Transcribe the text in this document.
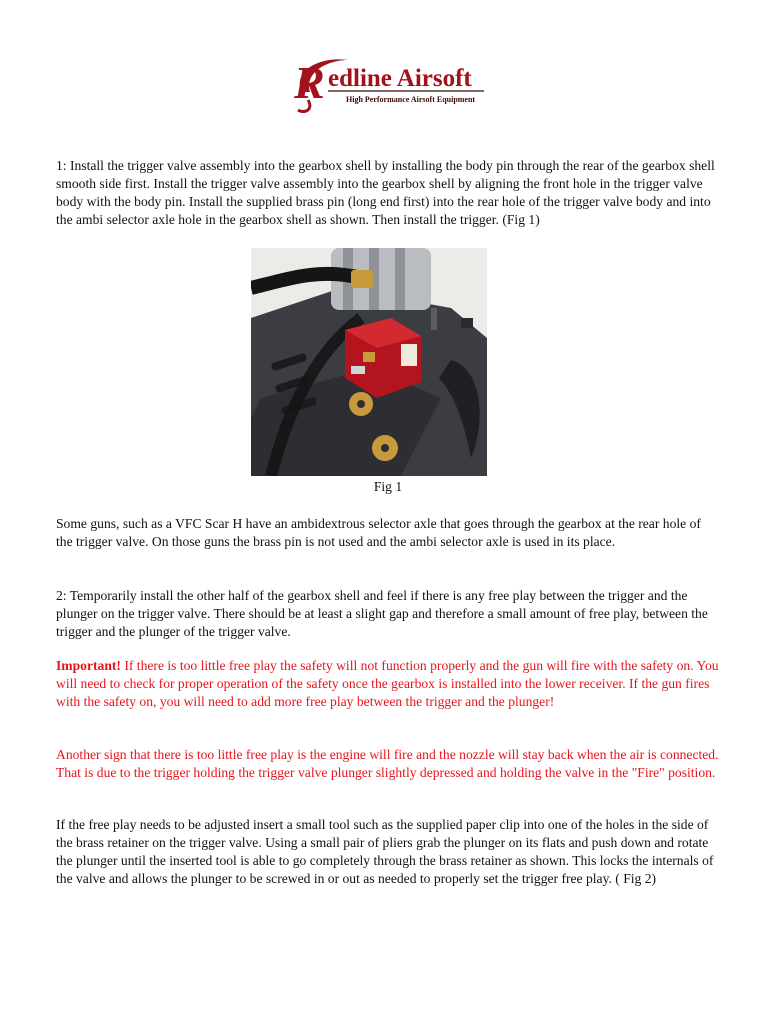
R edline Airsoft
High Performance Airsoft Equipment

1: Install the trigger valve assembly into the gearbox shell by installing the body pin through the rear of the gearbox shell smooth side first. Install the trigger valve assembly into the gearbox shell by aligning the front hole in the trigger valve body with the body pin. Install the supplied brass pin (long end first) into the rear hole of the trigger valve body and into the ambi selector axle hole in the gearbox shell as shown. Then install the trigger. (Fig 1)

Fig 1

Some guns, such as a VFC Scar H have an ambidextrous selector axle that goes through the gearbox at the rear hole of the trigger valve. On those guns the brass pin is not used and the ambi selector axle is used in its place.

2: Temporarily install the other half of the gearbox shell and feel if there is any free play between the trigger and the plunger on the trigger valve. There should be at least a slight gap and therefore a small amount of free play, between the trigger and the plunger of the trigger valve.

Important! If there is too little free play the safety will not function properly and the gun will fire with the safety on. You will need to check for proper operation of the safety once the gearbox is installed into the lower receiver. If the gun fires with the safety on, you will need to add more free play between the trigger and the plunger!

Another sign that there is too little free play is the engine will fire and the nozzle will stay back when the air is connected. That is due to the trigger holding the trigger valve plunger slightly depressed and holding the valve in the "Fire" position.

If the free play needs to be adjusted insert a small tool such as the supplied paper clip into one of the holes in the side of the brass retainer on the trigger valve. Using a small pair of pliers grab the plunger on its flats and push down and rotate the plunger until the inserted tool is able to go completely through the brass retainer as shown. This locks the internals of the valve and allows the plunger to be screwed in or out as needed to properly set the trigger free play. ( Fig 2)
